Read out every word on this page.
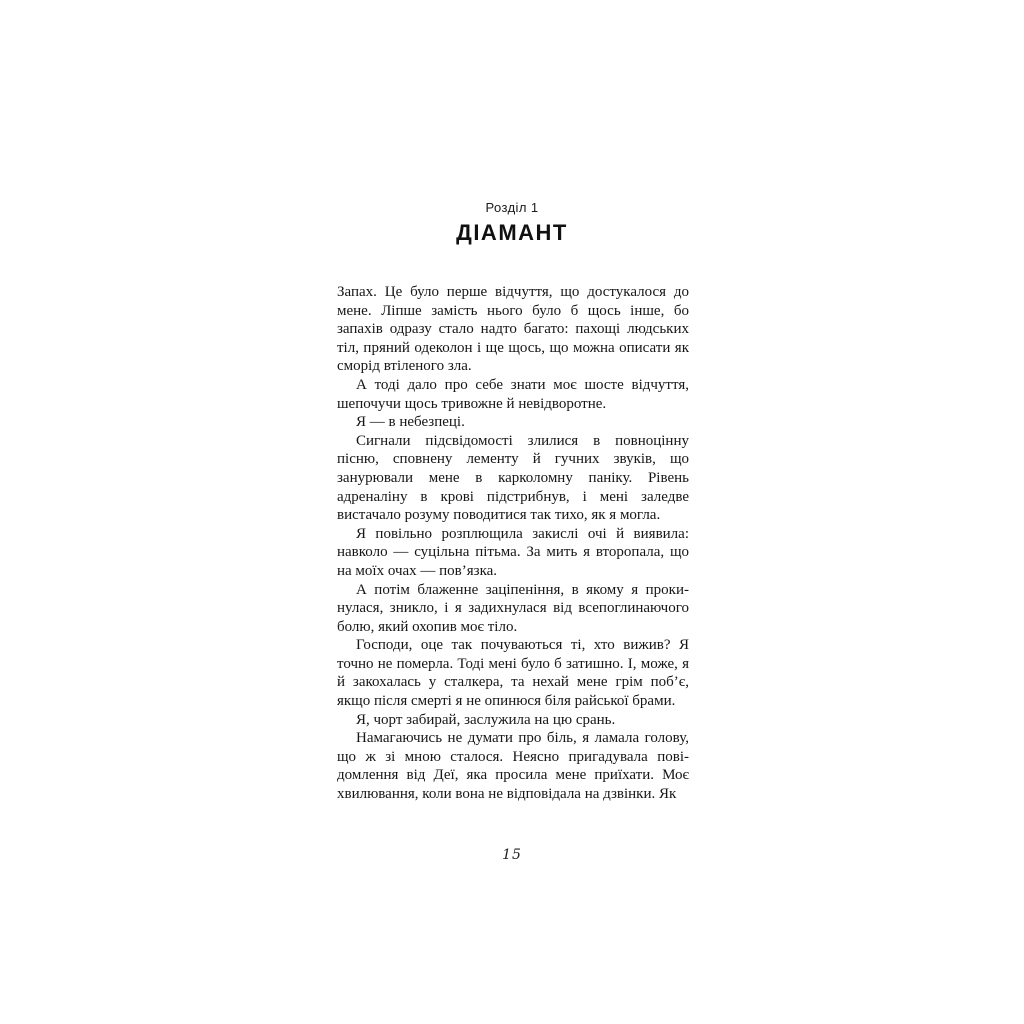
Розділ 1
ДІАМАНТ

Запах. Це було перше відчуття, що достукалося до мене. Ліпше замість нього було б щось інше, бо запахів одразу стало надто багато: пахощі людських тіл, пряний одеколон і ще щось, що можна описати як сморід втіленого зла.

А тоді дало про себе знати моє шосте відчуття, шепочучи щось тривожне й невідворотне.

Я — в небезпеці.

Сигнали підсвідомості злилися в повноцінну пісню, сповнену лементу й гучних звуків, що занурювали мене в карколомну паніку. Рівень адреналіну в крові підстрибнув, і мені заледве вистачало розуму поводитися так тихо, як я могла.

Я повільно розплющила закислі очі й виявила: навколо — суцільна пітьма. За мить я второпала, що на моїх очах — пов’язка.

А потім блаженне заціпеніння, в якому я прокинулася, зникло, і я задихнулася від всепоглинаючого болю, який охопив моє тіло.

Господи, оце так почуваються ті, хто вижив? Я точно не померла. Тоді мені було б затишно. І, може, я й закохалась у сталкера, та нехай мене грім поб’є, якщо після смерті я не опинюся біля райської брами.

Я, чорт забирай, заслужила на цю срань.

Намагаючись не думати про біль, я ламала голову, що ж зі мною сталося. Неясно пригадувала повідомлення від Деї, яка просила мене приїхати. Моє хвилювання, коли вона не відповідала на дзвінки. Як

15
